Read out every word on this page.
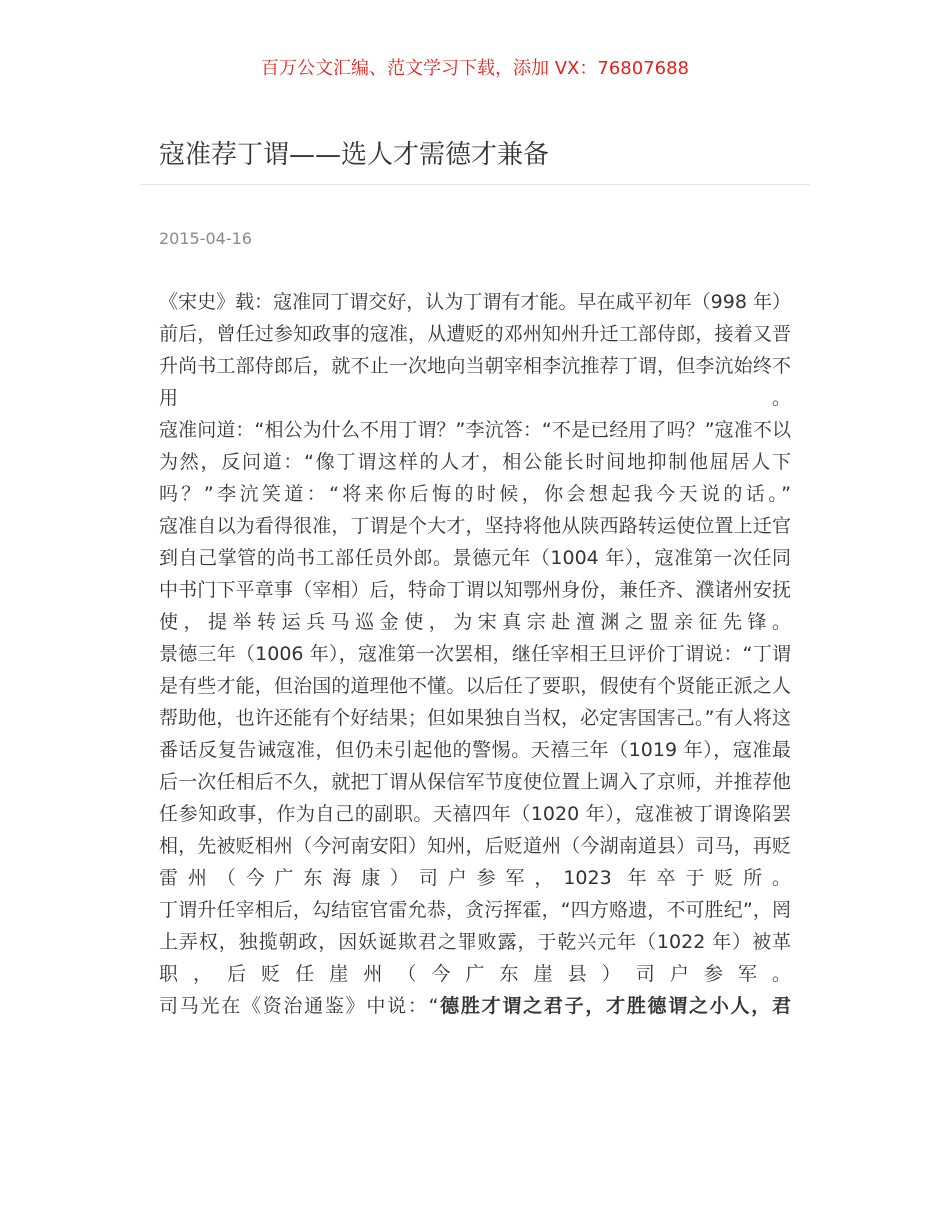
百万公文汇编、范文学习下载，添加 VX：76807688
寇准荐丁谓——选人才需德才兼备
2015-04-16

《宋史》载：寇准同丁谓交好，认为丁谓有才能。早在咸平初年（998 年）前后，曾任过参知政事的寇准，从遭贬的邓州知州升迁工部侍郎，接着又晋升尚书工部侍郎后，就不止一次地向当朝宰相李沆推荐丁谓，但李沆始终不用。

寇准问道：“相公为什么不用丁谓？”李沆答：“不是已经用了吗？”寇准不以为然，反问道：“像丁谓这样的人才，相公能长时间地抑制他屈居人下吗？”李沆笑道：“将来你后悔的时候，你会想起我今天说的话。”

寇准自以为看得很准，丁谓是个大才，坚持将他从陕西路转运使位置上迁官到自己掌管的尚书工部任员外郎。景德元年（1004 年），寇准第一次任同中书门下平章事（宰相）后，特命丁谓以知鄂州身份，兼任齐、濮诸州安抚使，提举转运兵马巡金使，为宋真宗赴澶渊之盟亲征先锋。

景德三年（1006 年），寇准第一次罢相，继任宰相王旦评价丁谓说：“丁谓是有些才能，但治国的道理他不懂。以后任了要职，假使有个贤能正派之人帮助他，也许还能有个好结果；但如果独自当权，必定害国害己。”有人将这番话反复告诫寇准，但仍未引起他的警惕。天禧三年（1019 年），寇准最后一次任相后不久，就把丁谓从保信军节度使位置上调入了京师，并推荐他任参知政事，作为自己的副职。天禧四年（1020 年），寇准被丁谓谗陷罢相，先被贬相州（今河南安阳）知州，后贬道州（今湖南道县）司马，再贬雷州（今广东海康）司户参军，1023 年卒于贬所。

丁谓升任宰相后，勾结宦官雷允恭，贪污挥霍，“四方赂遗，不可胜纪”，罔上弄权，独揽朝政，因妖诞欺君之罪败露，于乾兴元年（1022 年）被革职，后贬任崖州（今广东崖县）司户参军。

司马光在《资治通鉴》中说：“德胜才谓之君子，才胜德谓之小人，君
